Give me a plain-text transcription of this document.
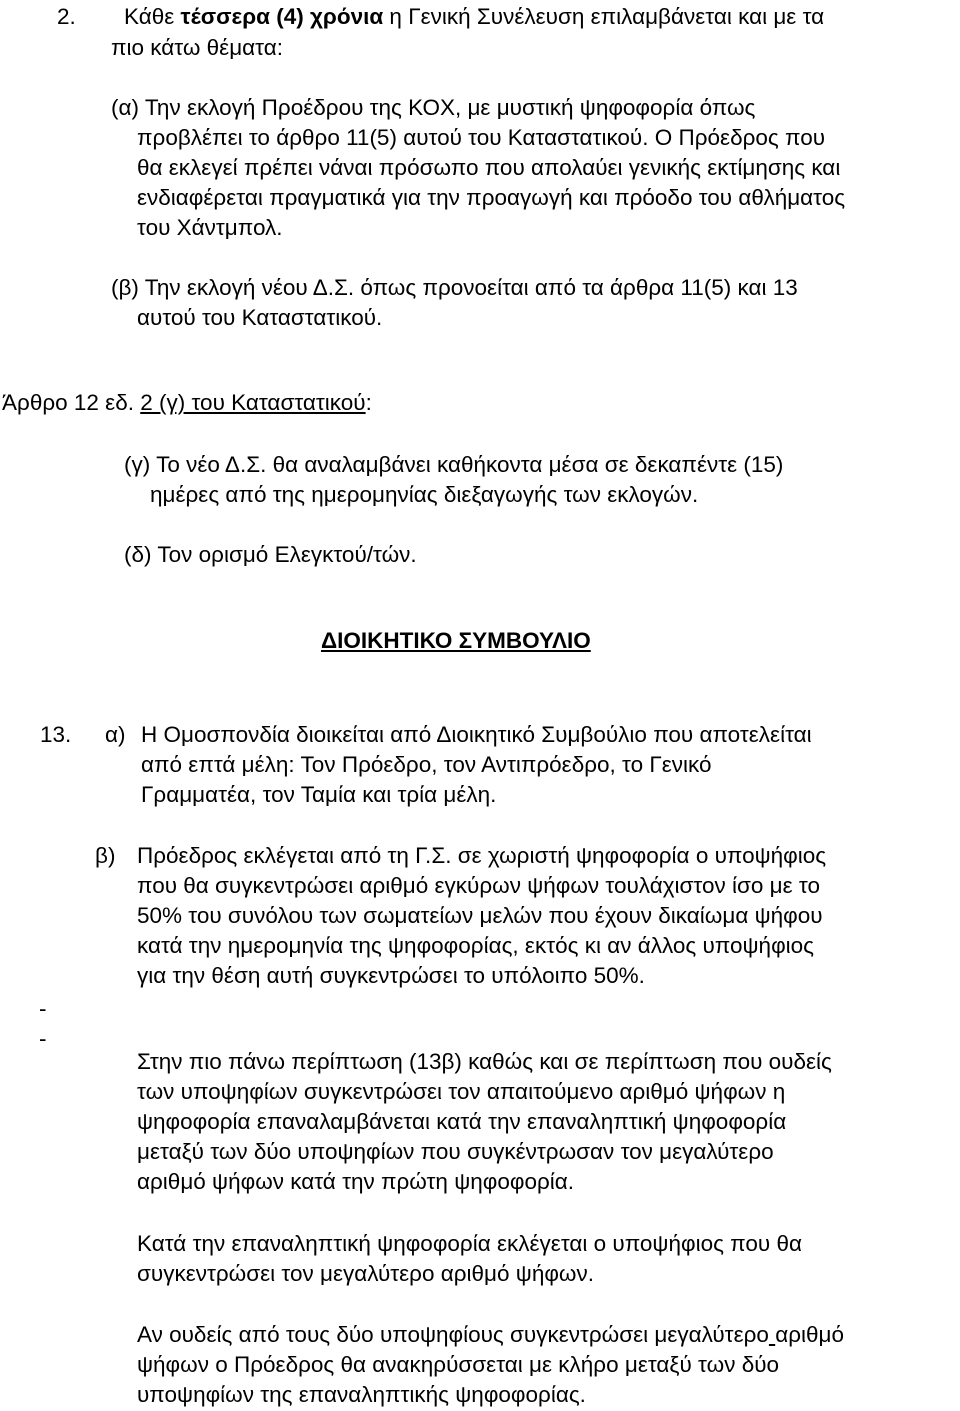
2. Κάθε τέσσερα (4) χρόνια η Γενική Συνέλευση επιλαμβάνεται και με τα
πιο κάτω θέματα:
(α) Την εκλογή Προέδρου της ΚΟΧ, με μυστική ψηφοφορία όπως
προβλέπει το άρθρο 11(5) αυτού του Καταστατικού. Ο Πρόεδρος που
θα εκλεγεί πρέπει νάναι πρόσωπο που απολαύει γενικής εκτίμησης και
ενδιαφέρεται πραγματικά για την προαγωγή και πρόοδο του αθλήματος
του Χάντμπολ.
(β) Την εκλογή νέου Δ.Σ. όπως προνοείται από τα άρθρα 11(5) και 13
αυτού του Καταστατικού.
Άρθρο 12 εδ. 2 (γ) του Καταστατικού:
(γ) Το νέο Δ.Σ. θα αναλαμβάνει καθήκοντα μέσα σε δεκαπέντε (15)
ημέρες από της ημερομηνίας διεξαγωγής των εκλογών.
(δ) Τον ορισμό Ελεγκτού/τών.
ΔΙΟΙΚΗΤΙΚΟ ΣΥΜΒΟΥΛΙΟ
13. α) Η Ομοσπονδία διοικείται από Διοικητικό Συμβούλιο που αποτελείται
από επτά μέλη: Τον Πρόεδρο, τον Αντιπρόεδρο, το Γενικό
Γραμματέα, τον Ταμία και τρία μέλη.
β) Πρόεδρος εκλέγεται από τη Γ.Σ. σε χωριστή ψηφοφορία ο υποψήφιος
που θα συγκεντρώσει αριθμό εγκύρων ψήφων τουλάχιστον ίσο με το
50% του συνόλου των σωματείων μελών που έχουν δικαίωμα ψήφου
κατά την ημερομηνία της ψηφοφορίας, εκτός κι αν άλλος υποψήφιος
για την θέση αυτή συγκεντρώσει το υπόλοιπο 50%.
-
-
Στην πιο πάνω περίπτωση (13β) καθώς και σε περίπτωση που ουδείς
των υποψηφίων συγκεντρώσει τον απαιτούμενο αριθμό ψήφων η
ψηφοφορία επαναλαμβάνεται κατά την επαναληπτική ψηφοφορία
μεταξύ των δύο υποψηφίων που συγκέντρωσαν τον μεγαλύτερο
αριθμό ψήφων κατά την πρώτη ψηφοφορία.
Κατά την επαναληπτική ψηφοφορία εκλέγεται ο υποψήφιος που θα
συγκεντρώσει τον μεγαλύτερο αριθμό ψήφων.
Αν ουδείς από τους δύο υποψηφίους συγκεντρώσει μεγαλύτερο αριθμό
ψήφων ο Πρόεδρος θα ανακηρύσσεται με κλήρο μεταξύ των δύο
υποψηφίων της επαναληπτικής ψηφοφορίας.
